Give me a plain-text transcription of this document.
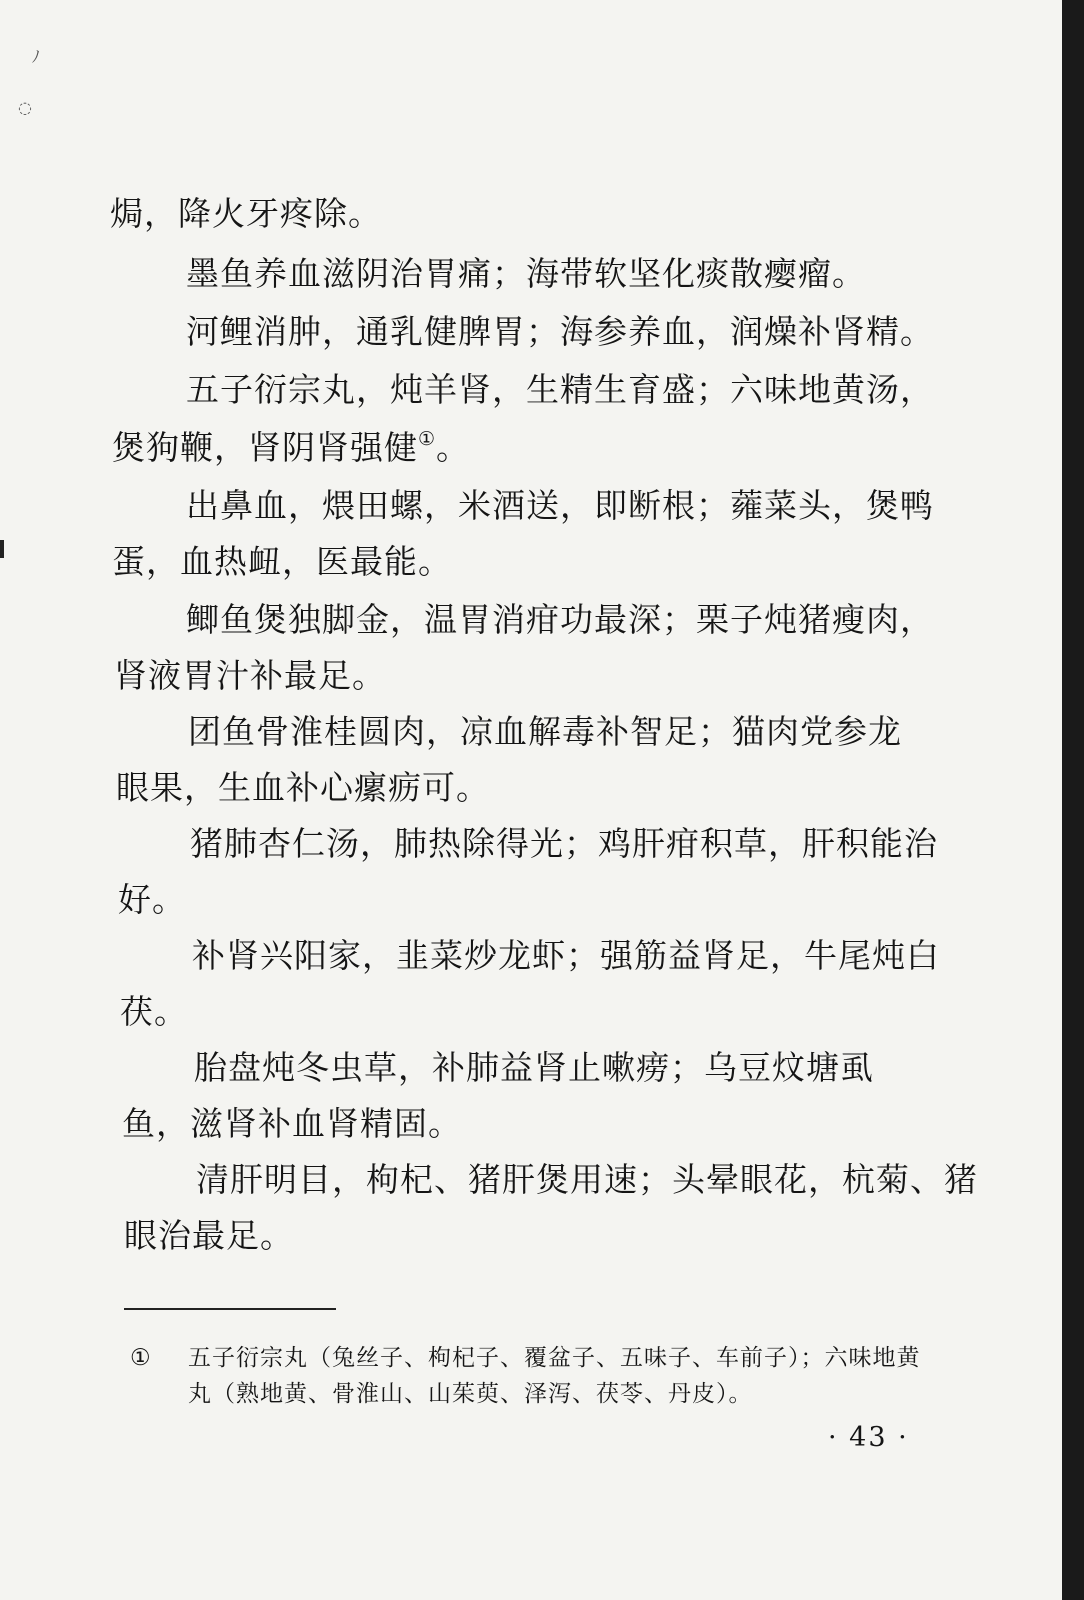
ﾉ
◌
焗，降火牙疼除。
墨鱼养血滋阴治胃痛；海带软坚化痰散瘿瘤。
河鲤消肿，通乳健脾胃；海参养血，润燥补肾精。
五子衍宗丸，炖羊肾，生精生育盛；六味地黄汤，
煲狗鞭，肾阴肾强健①。
出鼻血，煨田螺，米酒送，即断根；蕹菜头，煲鸭
蛋，血热衄，医最能。
鲫鱼煲独脚金，温胃消疳功最深；栗子炖猪瘦肉，
肾液胃汁补最足。
团鱼骨淮桂圆肉，凉血解毒补智足；猫肉党参龙
眼果，生血补心瘰疬可。
猪肺杏仁汤，肺热除得光；鸡肝疳积草，肝积能治
好。
补肾兴阳家，韭菜炒龙虾；强筋益肾足，牛尾炖白
茯。
胎盘炖冬虫草，补肺益肾止嗽痨；乌豆炆塘虱
鱼，滋肾补血肾精固。
清肝明目，枸杞、猪肝煲用速；头晕眼花，杭菊、猪
眼治最足。
① 五子衍宗丸（兔丝子、枸杞子、覆盆子、五味子、车前子）；六味地黄
丸（熟地黄、骨淮山、山茱萸、泽泻、茯苓、丹皮）。
· 43 ·
